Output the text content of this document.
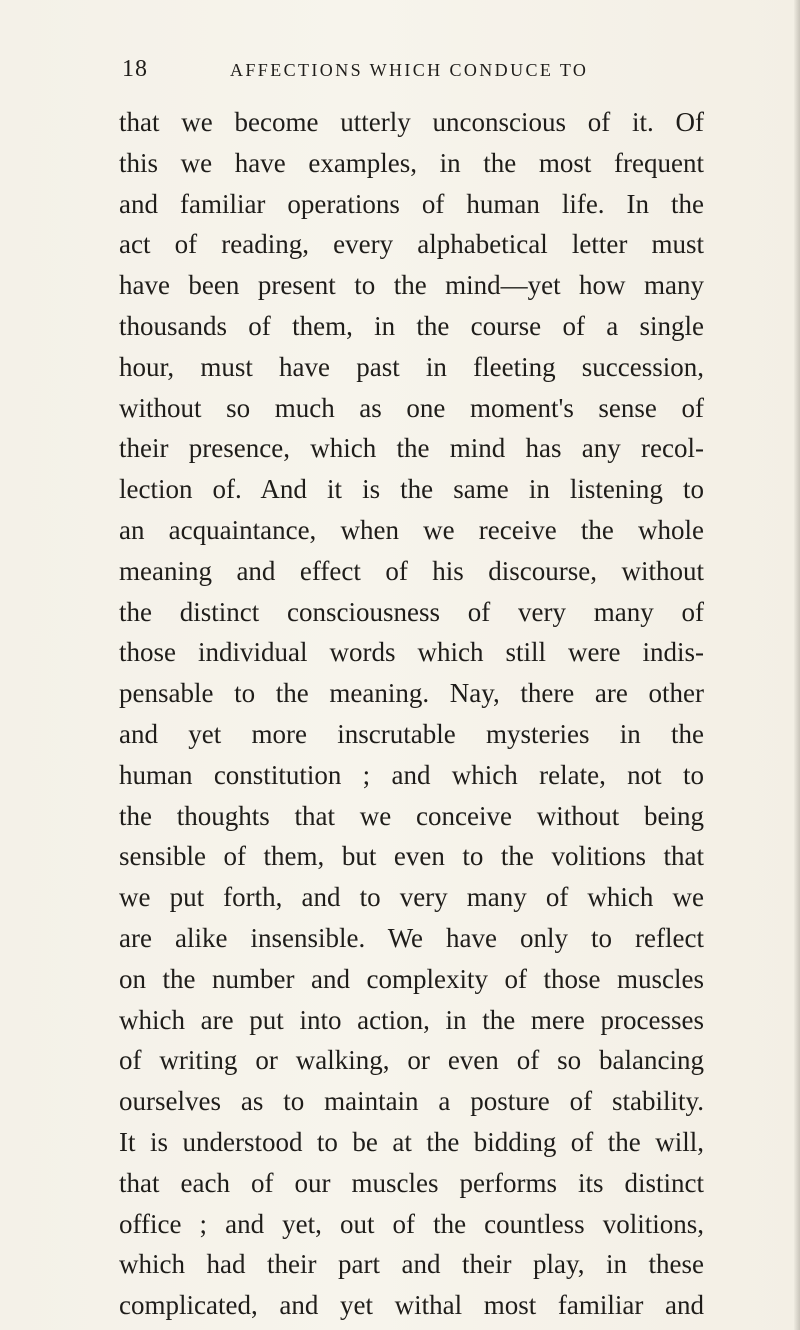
18	AFFECTIONS WHICH CONDUCE TO
that we become utterly unconscious of it. Of
this we have examples, in the most frequent
and familiar operations of human life. In the
act of reading, every alphabetical letter must
have been present to the mind—yet how many
thousands of them, in the course of a single
hour, must have past in fleeting succession,
without so much as one moment's sense of
their presence, which the mind has any recol-
lection of. And it is the same in listening to
an acquaintance, when we receive the whole
meaning and effect of his discourse, without
the distinct consciousness of very many of
those individual words which still were indis-
pensable to the meaning. Nay, there are other
and yet more inscrutable mysteries in the
human constitution ; and which relate, not to
the thoughts that we conceive without being
sensible of them, but even to the volitions that
we put forth, and to very many of which we
are alike insensible. We have only to reflect
on the number and complexity of those muscles
which are put into action, in the mere processes
of writing or walking, or even of so balancing
ourselves as to maintain a posture of stability.
It is understood to be at the bidding of the will,
that each of our muscles performs its distinct
office ; and yet, out of the countless volitions,
which had their part and their play, in these
complicated, and yet withal most familiar and
